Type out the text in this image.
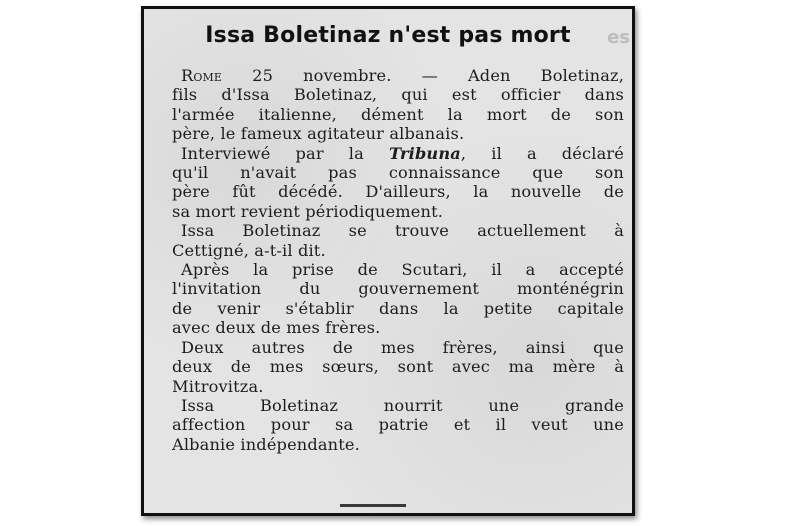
Issa Boletinaz n'est pas mort	es
Rome 25 novembre. — Aden Boletinaz,
fils d'Issa Boletinaz, qui est officier dans
l'armée italienne, dément la mort de son
père, le fameux agitateur albanais.
Interviewé par la Tribuna, il a déclaré
qu'il n'avait pas connaissance que son
père fût décédé. D'ailleurs, la nouvelle de
sa mort revient périodiquement.
Issa Boletinaz se trouve actuellement à
Cettigné, a-t-il dit.
Après la prise de Scutari, il a accepté
l'invitation du gouvernement monténégrin
de venir s'établir dans la petite capitale
avec deux de mes frères.
Deux autres de mes frères, ainsi que
deux de mes sœurs, sont avec ma mère à
Mitrovitza.
Issa Boletinaz nourrit une grande
affection pour sa patrie et il veut une
Albanie indépendante.
